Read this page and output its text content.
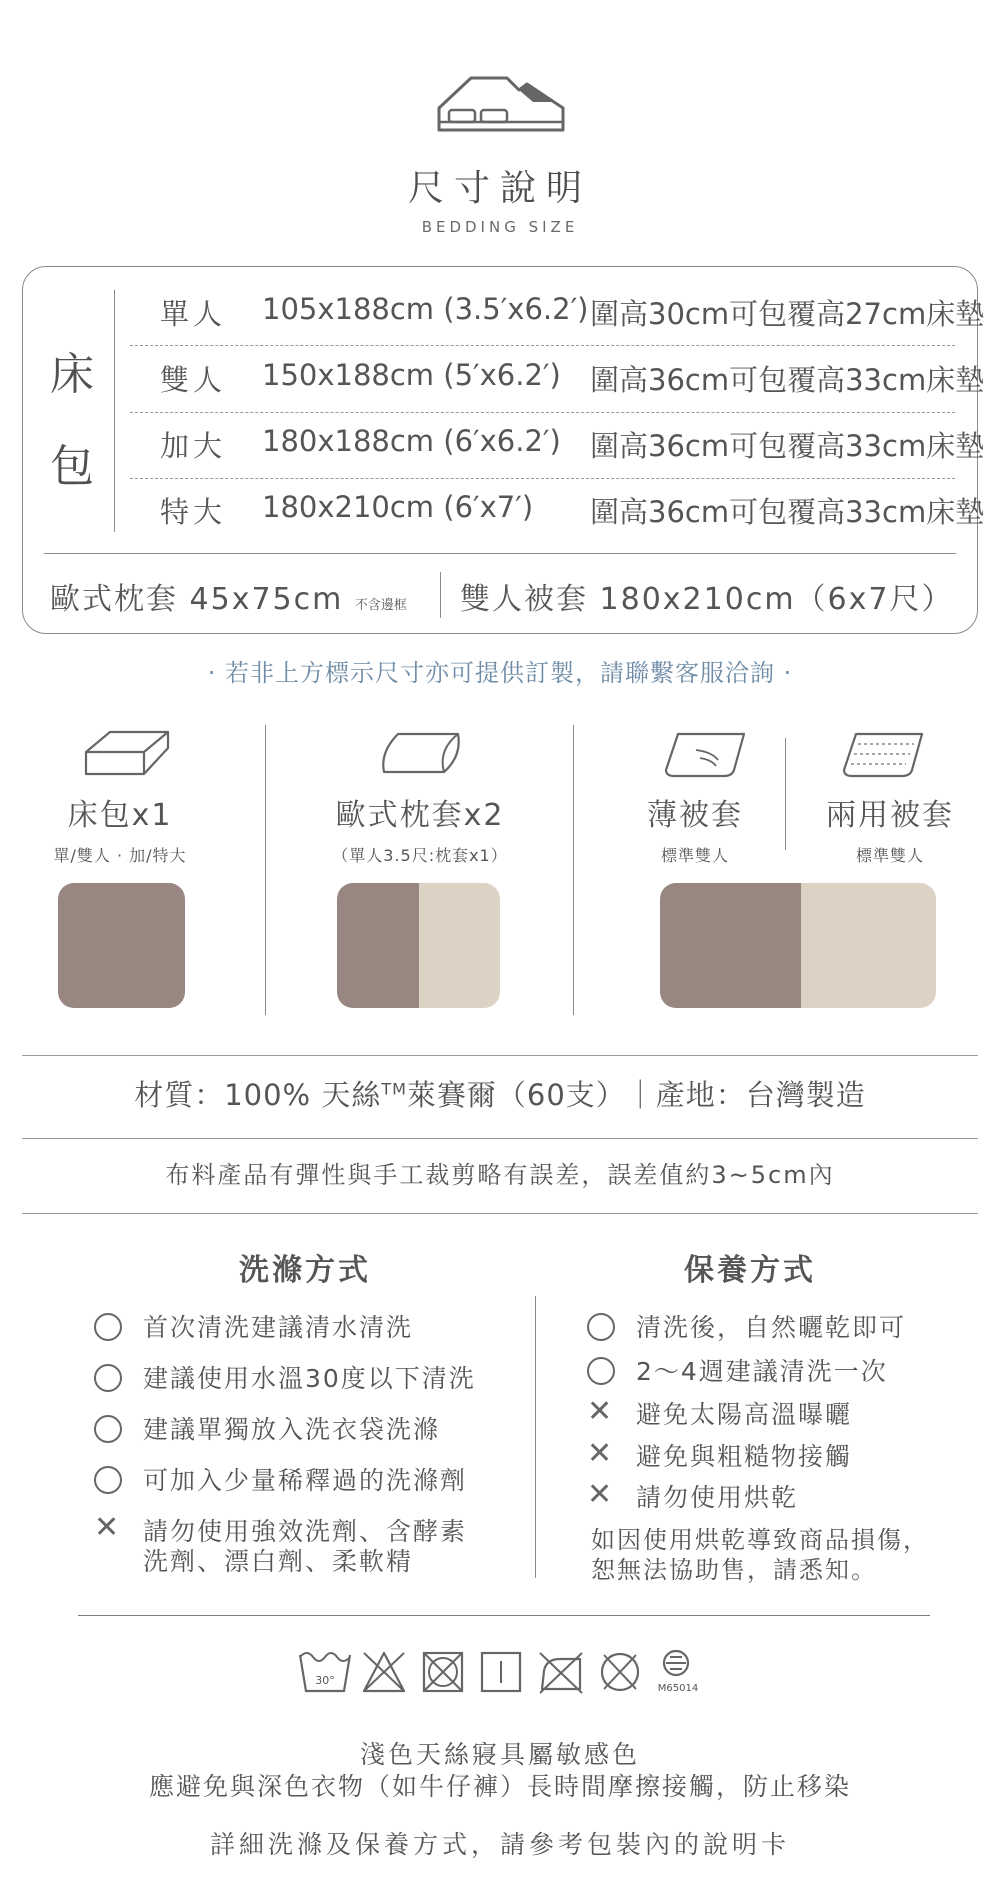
尺寸說明
BEDDING SIZE
床
包
單人 105x188cm (3.5′x6.2′) 圍高30cm可包覆高27cm床墊
雙人 150x188cm (5′x6.2′) 圍高36cm可包覆高33cm床墊
加大 180x188cm (6′x6.2′) 圍高36cm可包覆高33cm床墊
特大 180x210cm (6′x7′) 圍高36cm可包覆高33cm床墊
歐式枕套 45x75cm 不含邊框 雙人被套 180x210cm（6x7尺）
· 若非上方標示尺寸亦可提供訂製，請聯繫客服洽詢 ·
床包x1
單/雙人 · 加/特大
歐式枕套x2
（單人3.5尺:枕套x1）
薄被套
標準雙人
兩用被套
標準雙人
材質：100% 天絲™萊賽爾（60支）｜產地：台灣製造
布料產品有彈性與手工裁剪略有誤差，誤差值約3~5cm內
洗滌方式	保養方式
首次清洗建議清水清洗
建議使用水溫30度以下清洗
建議單獨放入洗衣袋洗滌
可加入少量稀釋過的洗滌劑
✕ 請勿使用強效洗劑、含酵素
洗劑、漂白劑、柔軟精
清洗後，自然曬乾即可
2～4週建議清洗一次
✕ 避免太陽高溫曝曬
✕ 避免與粗糙物接觸
✕ 請勿使用烘乾
如因使用烘乾導致商品損傷，
恕無法協助售，請悉知。
30°
M65014
淺色天絲寢具屬敏感色
應避免與深色衣物（如牛仔褲）長時間摩擦接觸，防止移染
詳細洗滌及保養方式，請參考包裝內的說明卡
